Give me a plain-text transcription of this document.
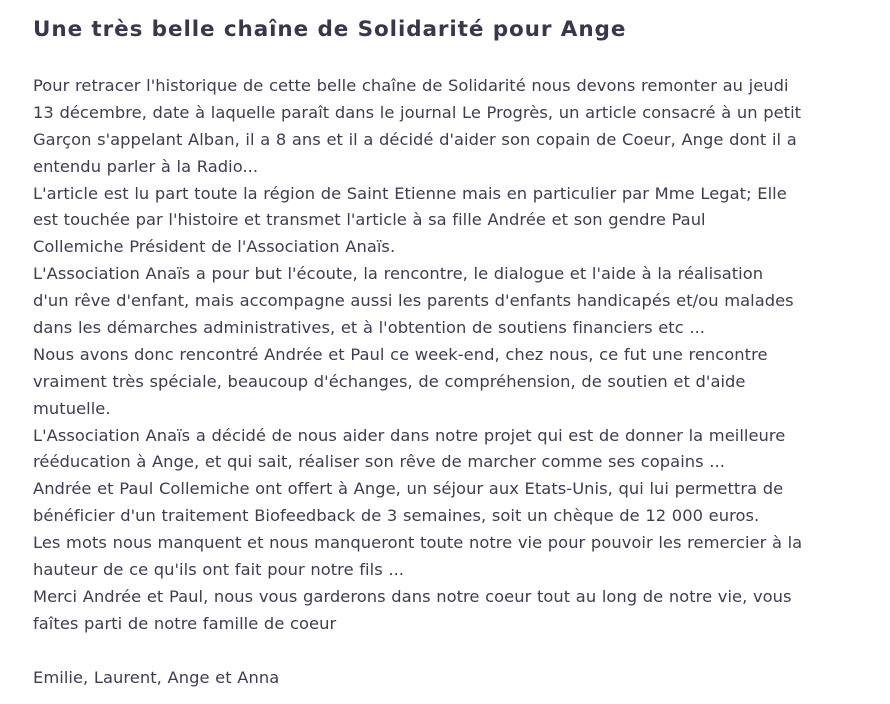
Une très belle chaîne de Solidarité pour Ange
Pour retracer l'historique de cette belle chaîne de Solidarité nous devons remonter au jeudi
13 décembre, date à laquelle paraît dans le journal Le Progrès, un article consacré à un petit
Garçon s'appelant Alban, il a 8 ans et il a décidé d'aider son copain de Coeur, Ange dont il a
entendu parler à la Radio...
L'article est lu part toute la région de Saint Etienne mais en particulier par Mme Legat; Elle
est touchée par l'histoire et transmet l'article à sa fille Andrée et son gendre Paul
Collemiche Président de l'Association Anaïs.
L'Association Anaïs a pour but l'écoute, la rencontre, le dialogue et l'aide à la réalisation
d'un rêve d'enfant, mais accompagne aussi les parents d'enfants handicapés et/ou malades
dans les démarches administratives, et à l'obtention de soutiens financiers etc ...
Nous avons donc rencontré Andrée et Paul ce week-end, chez nous, ce fut une rencontre
vraiment très spéciale, beaucoup d'échanges, de compréhension, de soutien et d'aide
mutuelle.
L'Association Anaïs a décidé de nous aider dans notre projet qui est de donner la meilleure
rééducation à Ange, et qui sait, réaliser son rêve de marcher comme ses copains ...
Andrée et Paul Collemiche ont offert à Ange, un séjour aux Etats-Unis, qui lui permettra de
bénéficier d'un traitement Biofeedback de 3 semaines, soit un chèque de 12 000 euros.
Les mots nous manquent et nous manqueront toute notre vie pour pouvoir les remercier à la
hauteur de ce qu'ils ont fait pour notre fils ...
Merci Andrée et Paul, nous vous garderons dans notre coeur tout au long de notre vie, vous
faîtes parti de notre famille de coeur
Emilie, Laurent, Ange et Anna
